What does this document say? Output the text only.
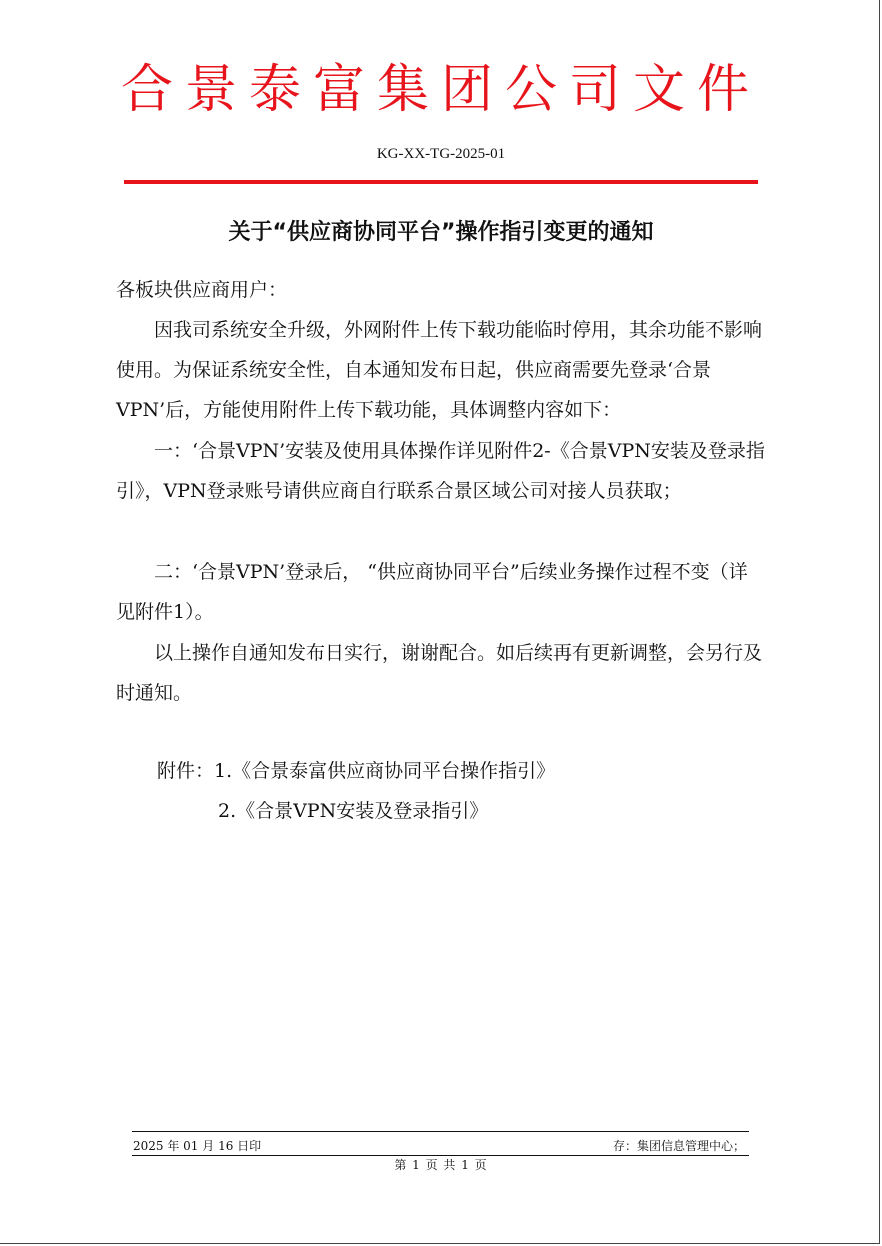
合景泰富集团公司文件
KG-XX-TG-2025-01
关于“供应商协同平台”操作指引变更的通知
各板块供应商用户：
因我司系统安全升级，外网附件上传下载功能临时停用，其余功能不影响使用。为保证系统安全性，自本通知发布日起，供应商需要先登录‘合景VPN’后，方能使用附件上传下载功能，具体调整内容如下：
一：‘合景VPN’安装及使用具体操作详见附件2-《合景VPN安装及登录指引》，VPN登录账号请供应商自行联系合景区域公司对接人员获取；
二：‘合景VPN’登录后， “供应商协同平台”后续业务操作过程不变（详见附件1）。
以上操作自通知发布日实行，谢谢配合。如后续再有更新调整，会另行及时通知。
附件：1.《合景泰富供应商协同平台操作指引》
2.《合景VPN安装及登录指引》
2025 年 01 月 16 日印	存：集团信息管理中心；
第 1 页 共 1 页
